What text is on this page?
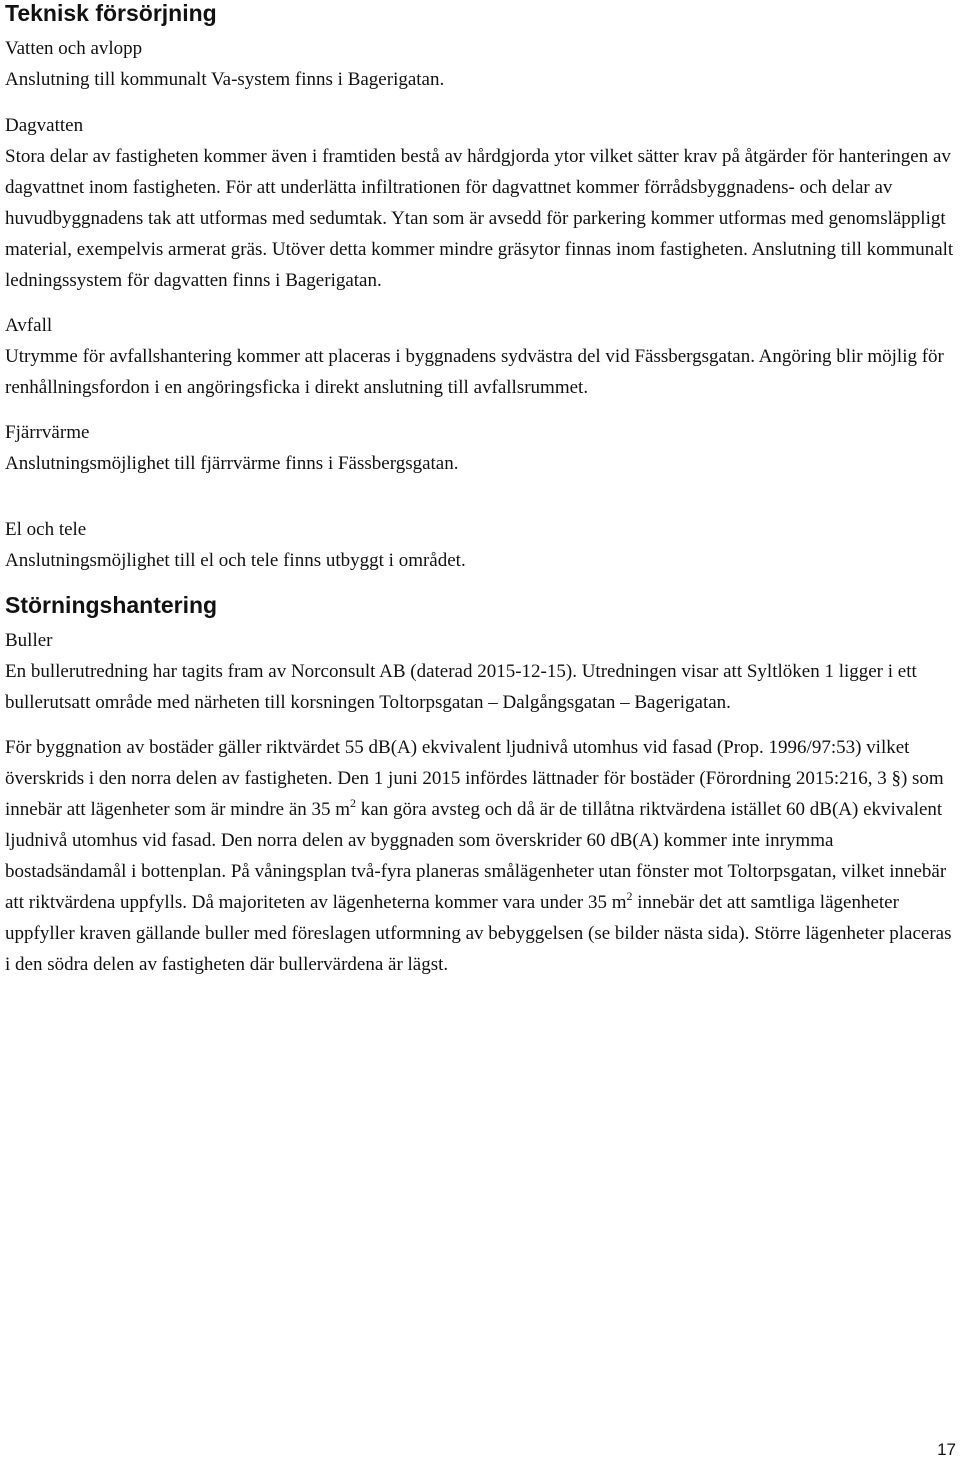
Teknisk försörjning
Vatten och avlopp

Anslutning till kommunalt Va-system finns i Bagerigatan.

Dagvatten

Stora delar av fastigheten kommer även i framtiden bestå av hårdgjorda ytor vilket sätter krav på åtgärder för hanteringen av dagvattnet inom fastigheten. För att underlätta infiltrationen för dagvattnet kommer förrådsbyggnadens- och delar av huvudbyggnadens tak att utformas med sedumtak. Ytan som är avsedd för parkering kommer utformas med genomsläppligt material, exempelvis armerat gräs. Utöver detta kommer mindre gräsytor finnas inom fastigheten. Anslutning till kommunalt ledningssystem för dagvatten finns i Bagerigatan.

Avfall

Utrymme för avfallshantering kommer att placeras i byggnadens sydvästra del vid Fässbergsgatan. Angöring blir möjlig för renhållningsfordon i en angöringsficka i direkt anslutning till avfallsrummet.

Fjärrvärme

Anslutningsmöjlighet till fjärrvärme finns i Fässbergsgatan.

El och tele

Anslutningsmöjlighet till el och tele finns utbyggt i området.

Störningshantering
Buller

En bullerutredning har tagits fram av Norconsult AB (daterad 2015-12-15). Utredningen visar att Syltlöken 1 ligger i ett bullerutsatt område med närheten till korsningen Toltorpsgatan – Dalgångsgatan – Bagerigatan.

För byggnation av bostäder gäller riktvärdet 55 dB(A) ekvivalent ljudnivå utomhus vid fasad (Prop. 1996/97:53) vilket överskrids i den norra delen av fastigheten. Den 1 juni 2015 infördes lättnader för bostäder (Förordning 2015:216, 3 §) som innebär att lägenheter som är mindre än 35 $m^2$ kan göra avsteg och då är de tillåtna riktvärdena istället 60 dB(A) ekvivalent ljudnivå utomhus vid fasad. Den norra delen av byggnaden som överskrider 60 dB(A) kommer inte inrymma bostadsändamål i bottenplan. På våningsplan två-fyra planeras smålägenheter utan fönster mot Toltorpsgatan, vilket innebär att riktvärdena uppfylls. Då majoriteten av lägenheterna kommer vara under 35 $m^2$ innebär det att samtliga lägenheter uppfyller kraven gällande buller med föreslagen utformning av bebyggelsen (se bilder nästa sida). Större lägenheter placeras i den södra delen av fastigheten där bullervärdena är lägst.

17
